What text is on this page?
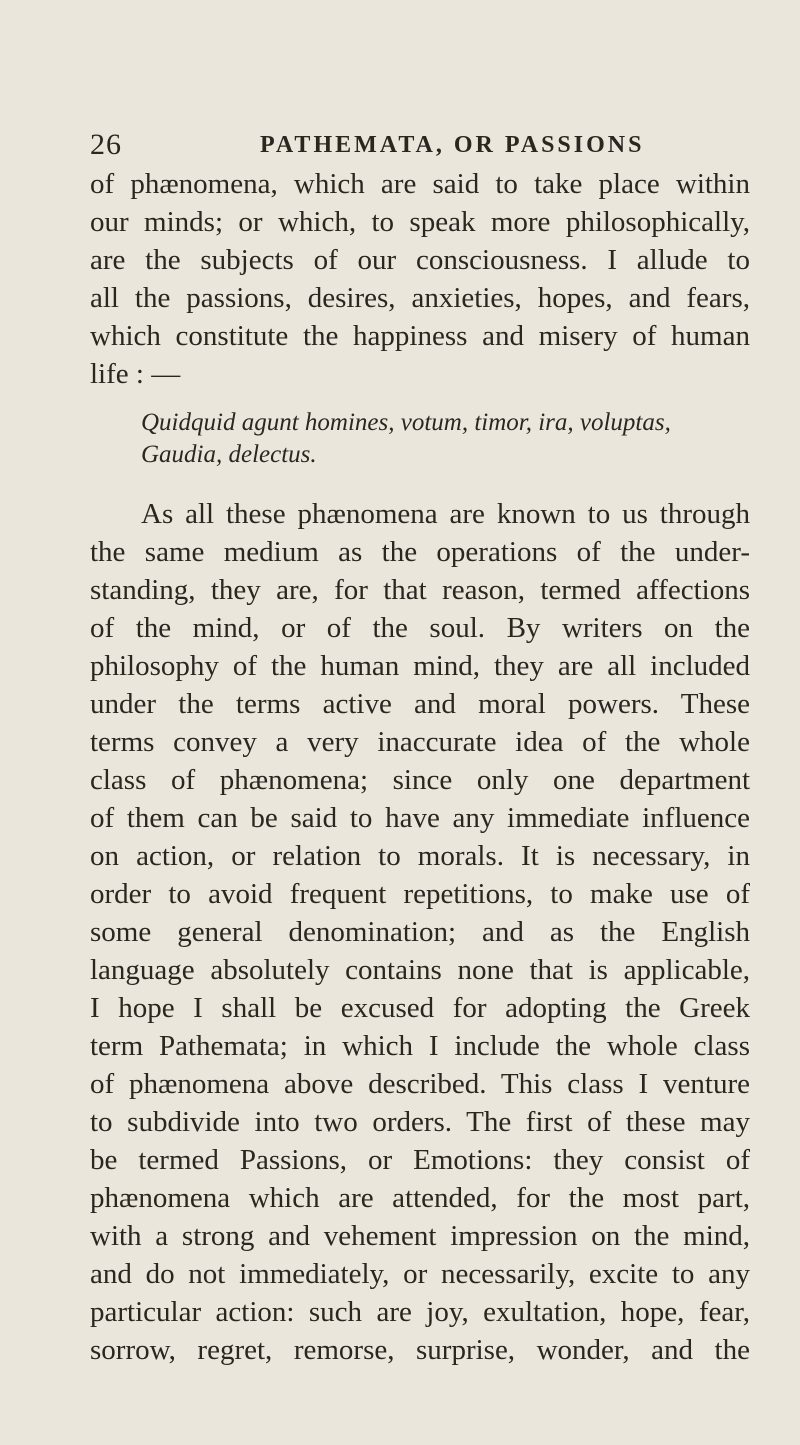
26	PATHEMATA, OR PASSIONS

of phænomena, which are said to take place within
our minds; or which, to speak more philosophically,
are the subjects of our consciousness. I allude to
all the passions, desires, anxieties, hopes, and fears,
which constitute the happiness and misery of human
life : —

Quidquid agunt homines, votum, timor, ira, voluptas,
Gaudia, delectus.

As all these phænomena are known to us through
the same medium as the operations of the under-
standing, they are, for that reason, termed affections
of the mind, or of the soul. By writers on the
philosophy of the human mind, they are all included
under the terms active and moral powers. These
terms convey a very inaccurate idea of the whole
class of phænomena; since only one department
of them can be said to have any immediate influence
on action, or relation to morals. It is necessary, in
order to avoid frequent repetitions, to make use of
some general denomination; and as the English
language absolutely contains none that is applicable,
I hope I shall be excused for adopting the Greek
term Pathemata; in which I include the whole class
of phænomena above described. This class I venture
to subdivide into two orders. The first of these may
be termed Passions, or Emotions: they consist of
phænomena which are attended, for the most part,
with a strong and vehement impression on the mind,
and do not immediately, or necessarily, excite to any
particular action: such are joy, exultation, hope, fear,
sorrow, regret, remorse, surprise, wonder, and the
